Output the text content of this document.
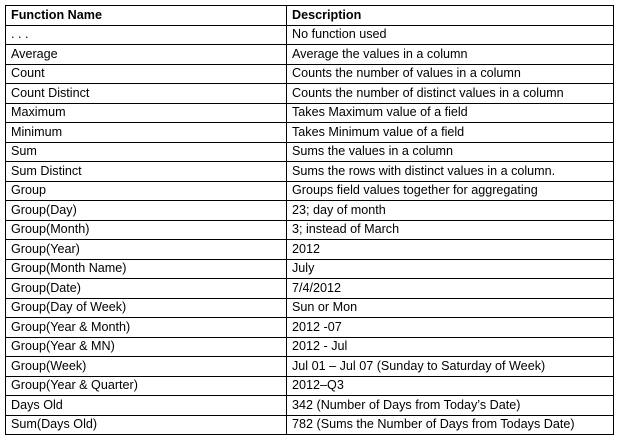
Function Name	Description
. . .	No function used
Average	Average the values in a column
Count	Counts the number of values in a column
Count Distinct	Counts the number of distinct values in a column
Maximum	Takes Maximum value of a field
Minimum	Takes Minimum value of a field
Sum	Sums the values in a column
Sum Distinct	Sums the rows with distinct values in a column.
Group	Groups field values together for aggregating
Group(Day)	23; day of month
Group(Month)	3; instead of March
Group(Year)	2012
Group(Month Name)	July
Group(Date)	7/4/2012
Group(Day of Week)	Sun or Mon
Group(Year & Month)	2012 -07
Group(Year & MN)	2012 - Jul
Group(Week)	Jul 01 – Jul 07 (Sunday to Saturday of Week)
Group(Year & Quarter)	2012–Q3
Days Old	342 (Number of Days from Today’s Date)
Sum(Days Old)	782 (Sums the Number of Days from Todays Date)
